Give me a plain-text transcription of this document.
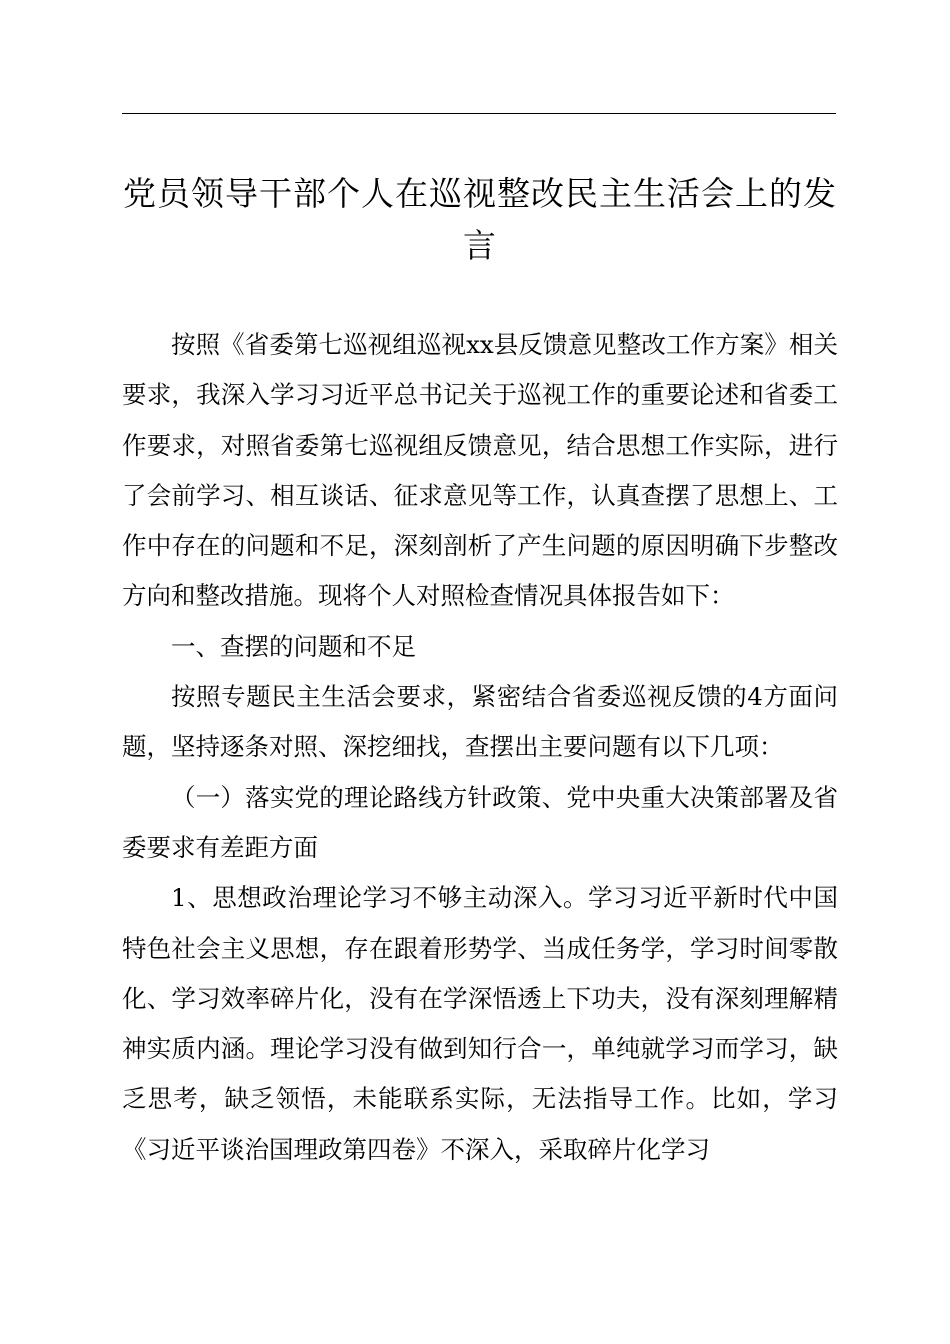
党员领导干部个人在巡视整改民主生活会上的发言

按照《省委第七巡视组巡视xx县反馈意见整改工作方案》相关要求，我深入学习习近平总书记关于巡视工作的重要论述和省委工作要求，对照省委第七巡视组反馈意见，结合思想工作实际，进行了会前学习、相互谈话、征求意见等工作，认真查摆了思想上、工作中存在的问题和不足，深刻剖析了产生问题的原因明确下步整改方向和整改措施。现将个人对照检查情况具体报告如下：

一、查摆的问题和不足

按照专题民主生活会要求，紧密结合省委巡视反馈的4方面问题，坚持逐条对照、深挖细找，查摆出主要问题有以下几项：

（一）落实党的理论路线方针政策、党中央重大决策部署及省委要求有差距方面

1、思想政治理论学习不够主动深入。学习习近平新时代中国特色社会主义思想，存在跟着形势学、当成任务学，学习时间零散化、学习效率碎片化，没有在学深悟透上下功夫，没有深刻理解精神实质内涵。理论学习没有做到知行合一，单纯就学习而学习，缺乏思考，缺乏领悟，未能联系实际，无法指导工作。比如，学习《习近平谈治国理政第四卷》不深入，采取碎片化学习
